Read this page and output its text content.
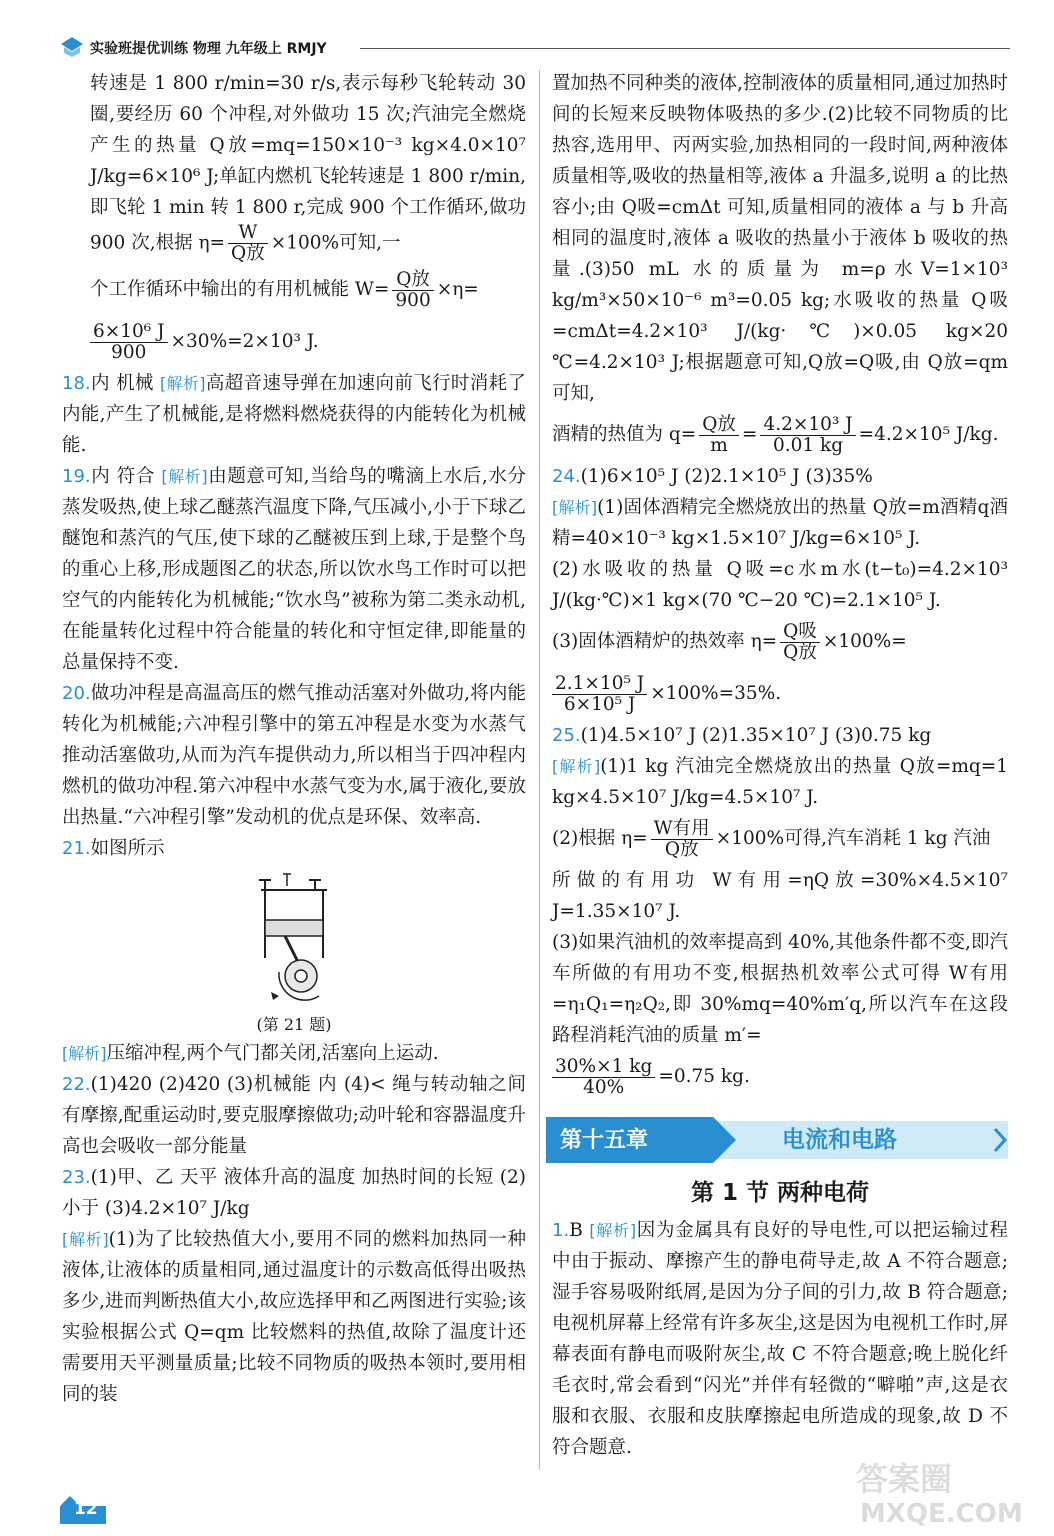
实验班提优训练 物理 九年级上 RMJY

转速是 1 800 r/min=30 r/s,表示每秒飞轮转动 30 圈,要经历 60 个冲程,对外做功 15 次;汽油完全燃烧产生的热量 Q放=mq=150×10⁻³ kg×4.0×10⁷ J/kg=6×10⁶ J;单缸内燃机飞轮转速是 1 800 r/min,即飞轮 1 min 转 1 800 r,完成 900 个工作循环,做功 900 次,根据 $\eta= \frac{W}{\text{Q放}} \times 100\%$可知,一

个工作循环中输出的有用机械能 $W= \frac{\text{Q放}}{900} \times\eta=$

$\frac{\text{6×10⁶ J}}{900} \times 30\%=2\times 10^3$ J.

18.内 机械 [解析]高超音速导弹在加速向前飞行时消耗了内能,产生了机械能,是将燃料燃烧获得的内能转化为机械能.

19.内 符合 [解析]由题意可知,当给鸟的嘴滴上水后,水分蒸发吸热,使上球乙醚蒸汽温度下降,气压减小,小于下球乙醚饱和蒸汽的气压,使下球的乙醚被压到上球,于是整个鸟的重心上移,形成题图乙的状态,所以饮水鸟工作时可以把空气的内能转化为机械能;“饮水鸟”被称为第二类永动机,在能量转化过程中符合能量的转化和守恒定律,即能量的总量保持不变.

20.做功冲程是高温高压的燃气推动活塞对外做功,将内能转化为机械能;六冲程引擎中的第五冲程是水变为水蒸气推动活塞做功,从而为汽车提供动力,所以相当于四冲程内燃机的做功冲程.第六冲程中水蒸气变为水,属于液化,要放出热量.“六冲程引擎”发动机的优点是环保、效率高.

21.如图所示

(第 21 题)

[解析]压缩冲程,两个气门都关闭,活塞向上运动.

22.(1)420 (2)420 (3)机械能 内 (4)< 绳与转动轴之间有摩擦,配重运动时,要克服摩擦做功;动叶轮和容器温度升高也会吸收一部分能量

23.(1)甲、乙 天平 液体升高的温度 加热时间的长短 (2)小于 (3)4.2×10⁷ J/kg

[解析](1)为了比较热值大小,要用不同的燃料加热同一种液体,让液体的质量相同,通过温度计的示数高低得出吸热多少,进而判断热值大小,故应选择甲和乙两图进行实验;该实验根据公式 Q=qm 比较燃料的热值,故除了温度计还需要用天平测量质量;比较不同物质的吸热本领时,要用相同的装

置加热不同种类的液体,控制液体的质量相同,通过加热时间的长短来反映物体吸热的多少.(2)比较不同物质的比热容,选用甲、丙两实验,加热相同的一段时间,两种液体质量相等,吸收的热量相等,液体 a 升温多,说明 a 的比热容小;由 Q吸=cmΔt 可知,质量相同的液体 a 与 b 升高相同的温度时,液体 a 吸收的热量小于液体 b 吸收的热量.(3)50 mL 水的质量为 m=ρ水V=1×10³ kg/m³×50×10⁻⁶ m³=0.05 kg;水吸收的热量 Q吸=cmΔt=4.2×10³ J/(kg·℃)×0.05 kg×20 ℃=4.2×10³ J;根据题意可知,Q放=Q吸,由 Q放=qm 可知,

酒精的热值为 $q= \frac{\text{Q放}}{m} = \frac{\text{4.2×10³ J}}{0.01 kg} =4.2\times 10^5$ J/kg.

24.(1)6×10⁵ J (2)2.1×10⁵ J (3)35%

[解析](1)固体酒精完全燃烧放出的热量 Q放=m酒精q酒精=40×10⁻³ kg×1.5×10⁷ J/kg=6×10⁵ J.

(2)水吸收的热量 Q吸=c水m水(t−t₀)=4.2×10³ J/(kg·℃)×1 kg×(70 ℃−20 ℃)=2.1×10⁵ J.

(3)固体酒精炉的热效率 $\eta= \frac{\text{Q吸}}{\text{Q放}} \times 100\%=$

$\frac{\text{2.1×10⁵ J}}{\text{6×10⁵ J}} \times 100\%=35\%$.

25.(1)4.5×10⁷ J (2)1.35×10⁷ J (3)0.75 kg

[解析](1)1 kg 汽油完全燃烧放出的热量 Q放=mq=1 kg×4.5×10⁷ J/kg=4.5×10⁷ J.

(2)根据 $\eta= \frac{\text{W有用}}{\text{Q放}} \times 100\%$可得,汽车消耗 1 kg 汽油

所做的有用功 W有用=ηQ放=30%×4.5×10⁷ J=1.35×10⁷ J.

(3)如果汽油机的效率提高到 40%,其他条件都不变,即汽车所做的有用功不变,根据热机效率公式可得 W有用=η₁Q₁=η₂Q₂,即 30%mq=40%m′q,所以汽车在这段路程消耗汽油的质量 m′=

$\frac{30\%\times 1 kg}{40\%} =0.75$ kg.

第十五章	电流和电路
第 1 节 两种电荷

1.B [解析]因为金属具有良好的导电性,可以把运输过程中由于振动、摩擦产生的静电荷导走,故 A 不符合题意;湿手容易吸附纸屑,是因为分子间的引力,故 B 符合题意;电视机屏幕上经常有许多灰尘,这是因为电视机工作时,屏幕表面有静电而吸附灰尘,故 C 不符合题意;晚上脱化纤毛衣时,常会看到“闪光”并伴有轻微的“噼啪”声,这是衣服和衣服、衣服和皮肤摩擦起电所造成的现象,故 D 不符合题意.

12
答案圈
MXQE.COM
